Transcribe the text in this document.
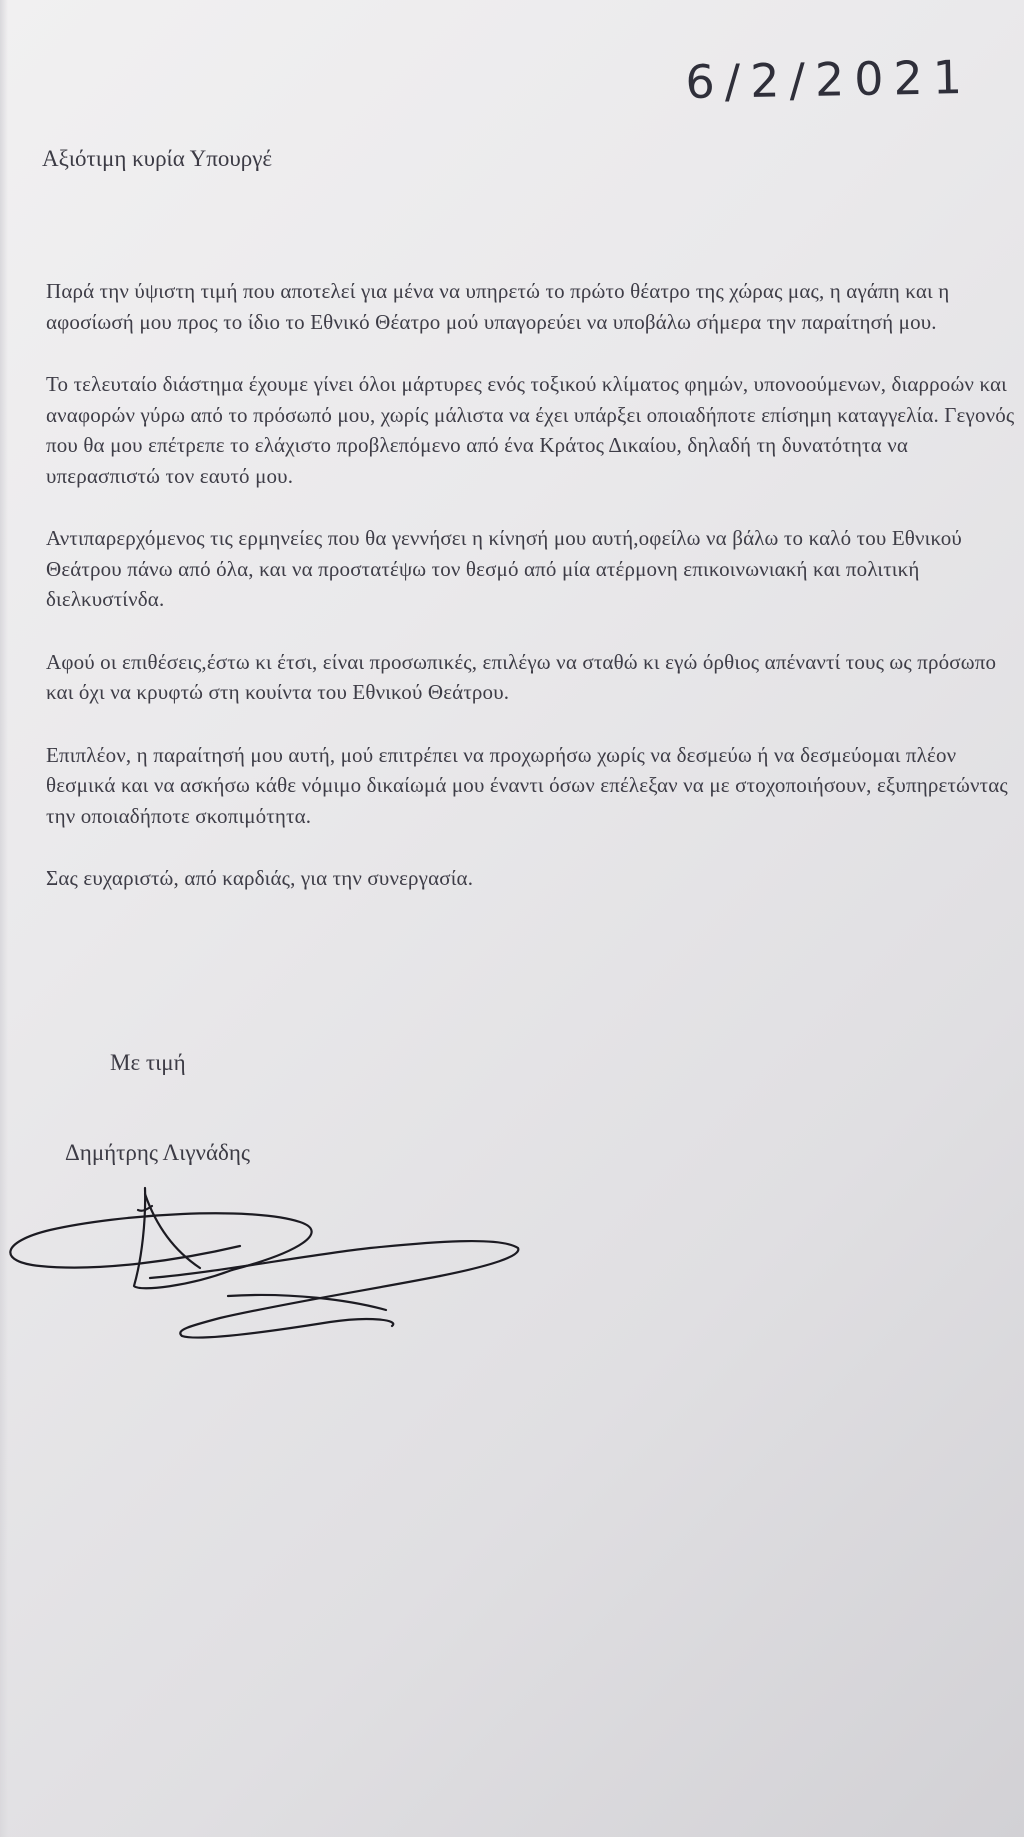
6/2/2021
Αξιότιμη κυρία Υπουργέ

Παρά την ύψιστη τιμή που αποτελεί για μένα να υπηρετώ το πρώτο θέατρο της χώρας μας, η αγάπη και η αφοσίωσή μου προς το ίδιο το Εθνικό Θέατρο μού υπαγορεύει να υποβάλω σήμερα την παραίτησή μου.

Το τελευταίο διάστημα έχουμε γίνει όλοι μάρτυρες ενός τοξικού κλίματος φημών, υπονοούμενων, διαρροών και αναφορών γύρω από το πρόσωπό μου, χωρίς μάλιστα να έχει υπάρξει οποιαδήποτε επίσημη καταγγελία. Γεγονός που θα μου επέτρεπε το ελάχιστο προβλεπόμενο από ένα Κράτος Δικαίου, δηλαδή τη δυνατότητα να υπερασπιστώ τον εαυτό μου.

Αντιπαρερχόμενος τις ερμηνείες που θα γεννήσει η κίνησή μου αυτή,οφείλω να βάλω το καλό του Εθνικού Θεάτρου πάνω από όλα, και να προστατέψω τον θεσμό από μία ατέρμονη επικοινωνιακή και πολιτική διελκυστίνδα.

Αφού οι επιθέσεις,έστω κι έτσι, είναι προσωπικές, επιλέγω να σταθώ κι εγώ όρθιος απέναντί τους ως πρόσωπο και όχι να κρυφτώ στη κουίντα του Εθνικού Θεάτρου.

Επιπλέον, η παραίτησή μου αυτή, μού επιτρέπει να προχωρήσω χωρίς να δεσμεύω ή να δεσμεύομαι πλέον θεσμικά και να ασκήσω κάθε νόμιμο δικαίωμά μου έναντι όσων επέλεξαν να με στοχοποιήσουν, εξυπηρετώντας την οποιαδήποτε σκοπιμότητα.

Σας ευχαριστώ, από καρδιάς, για την συνεργασία.

Με τιμή
Δημήτρης Λιγνάδης
